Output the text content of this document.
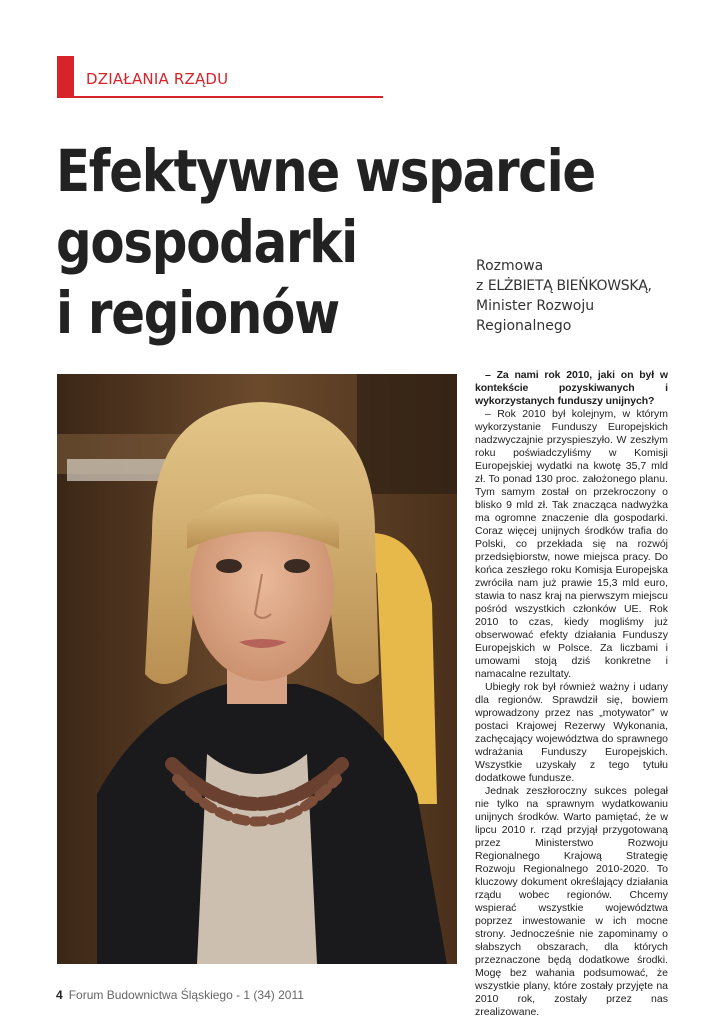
DZIAŁANIA RZĄDU
Efektywne wsparcie
gospodarki
i regionów
Rozmowa
z ELŻBIETĄ BIEŃKOWSKĄ,
Minister Rozwoju
Regionalnego

– Za nami rok 2010, jaki on był w kontekście pozyskiwanych i wykorzystanych funduszy unijnych?

– Rok 2010 był kolejnym, w którym wykorzystanie Funduszy Europejskich nadzwyczajnie przyspieszyło. W zeszłym roku poświadczyliśmy w Komisji Europejskiej wydatki na kwotę 35,7 mld zł. To ponad 130 proc. założonego planu. Tym samym został on przekroczony o blisko 9 mld zł. Tak znacząca nadwyżka ma ogromne znaczenie dla gospodarki. Coraz więcej unijnych środków trafia do Polski, co przekłada się na rozwój przedsiębiorstw, nowe miejsca pracy. Do końca zeszłego roku Komisja Europejska zwróciła nam już prawie 15,3 mld euro, stawia to nasz kraj na pierwszym miejscu pośród wszystkich członków UE. Rok 2010 to czas, kiedy mogliśmy już obserwować efekty działania Funduszy Europejskich w Polsce. Za liczbami i umowami stoją dziś konkretne i namacalne rezultaty.

Ubiegły rok był również ważny i udany dla regionów. Sprawdził się, bowiem wprowadzony przez nas „motywator” w postaci Krajowej Rezerwy Wykonania, zachęcający województwa do sprawnego wdrażania Funduszy Europejskich. Wszystkie uzyskały z tego tytułu dodatkowe fundusze.

Jednak zeszłoroczny sukces polegał nie tylko na sprawnym wydatkowaniu unijnych środków. Warto pamiętać, że w lipcu 2010 r. rząd przyjął przygotowaną przez Ministerstwo Rozwoju Regionalnego Krajową Strategię Rozwoju Regionalnego 2010-2020. To kluczowy dokument określający działania rządu wobec regionów. Chcemy wspierać wszystkie województwa poprzez inwestowanie w ich mocne strony. Jednocześnie nie zapominamy o słabszych obszarach, dla których przeznaczone będą dodatkowe środki. Mogę bez wahania podsumować, że wszystkie plany, które zostały przyjęte na 2010 rok, zostały przez nas zrealizowane.

4 Forum Budownictwa Śląskiego - 1 (34) 2011
